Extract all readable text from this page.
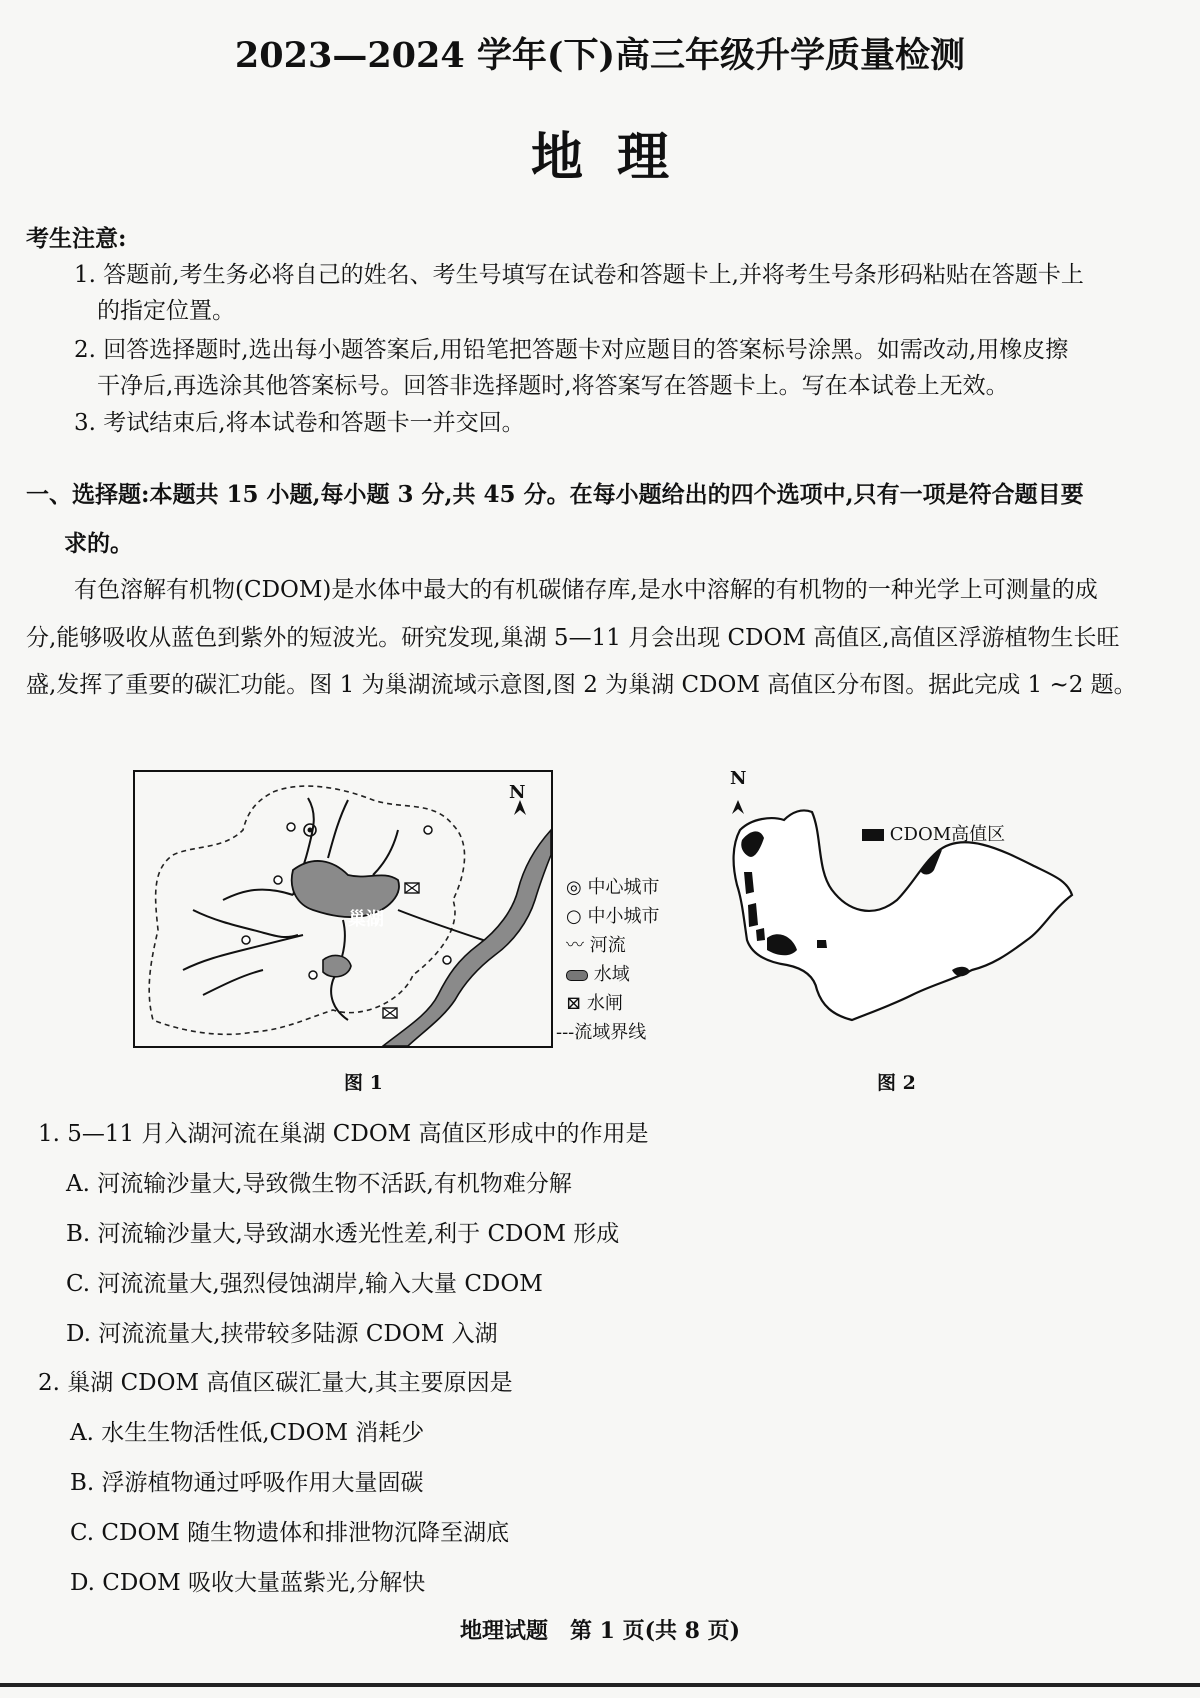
2023—2024 学年(下)高三年级升学质量检测
地理
考生注意:
1. 答题前,考生务必将自己的姓名、考生号填写在试卷和答题卡上,并将考生号条形码粘贴在答题卡上
的指定位置。
2. 回答选择题时,选出每小题答案后,用铅笔把答题卡对应题目的答案标号涂黑。如需改动,用橡皮擦
干净后,再选涂其他答案标号。回答非选择题时,将答案写在答题卡上。写在本试卷上无效。
3. 考试结束后,将本试卷和答题卡一并交回。
一、选择题:本题共 15 小题,每小题 3 分,共 45 分。在每小题给出的四个选项中,只有一项是符合题目要
求的。
有色溶解有机物(CDOM)是水体中最大的有机碳储存库,是水中溶解的有机物的一种光学上可测量的成
分,能够吸收从蓝色到紫外的短波光。研究发现,巢湖 5—11 月会出现 CDOM 高值区,高值区浮游植物生长旺
盛,发挥了重要的碳汇功能。图 1 为巢湖流域示意图,图 2 为巢湖 CDOM 高值区分布图。据此完成 1 ~2 题。
N
巢湖
◎ 中心城市
○ 中小城市
〰 河流
水域
⊠ 水闸
---流域界线
N
CDOM高值区
图 1	图 2
1. 5—11 月入湖河流在巢湖 CDOM 高值区形成中的作用是
A. 河流输沙量大,导致微生物不活跃,有机物难分解
B. 河流输沙量大,导致湖水透光性差,利于 CDOM 形成
C. 河流流量大,强烈侵蚀湖岸,输入大量 CDOM
D. 河流流量大,挟带较多陆源 CDOM 入湖
2. 巢湖 CDOM 高值区碳汇量大,其主要原因是
A. 水生生物活性低,CDOM 消耗少
B. 浮游植物通过呼吸作用大量固碳
C. CDOM 随生物遗体和排泄物沉降至湖底
D. CDOM 吸收大量蓝紫光,分解快
地理试题　第 1 页(共 8 页)
